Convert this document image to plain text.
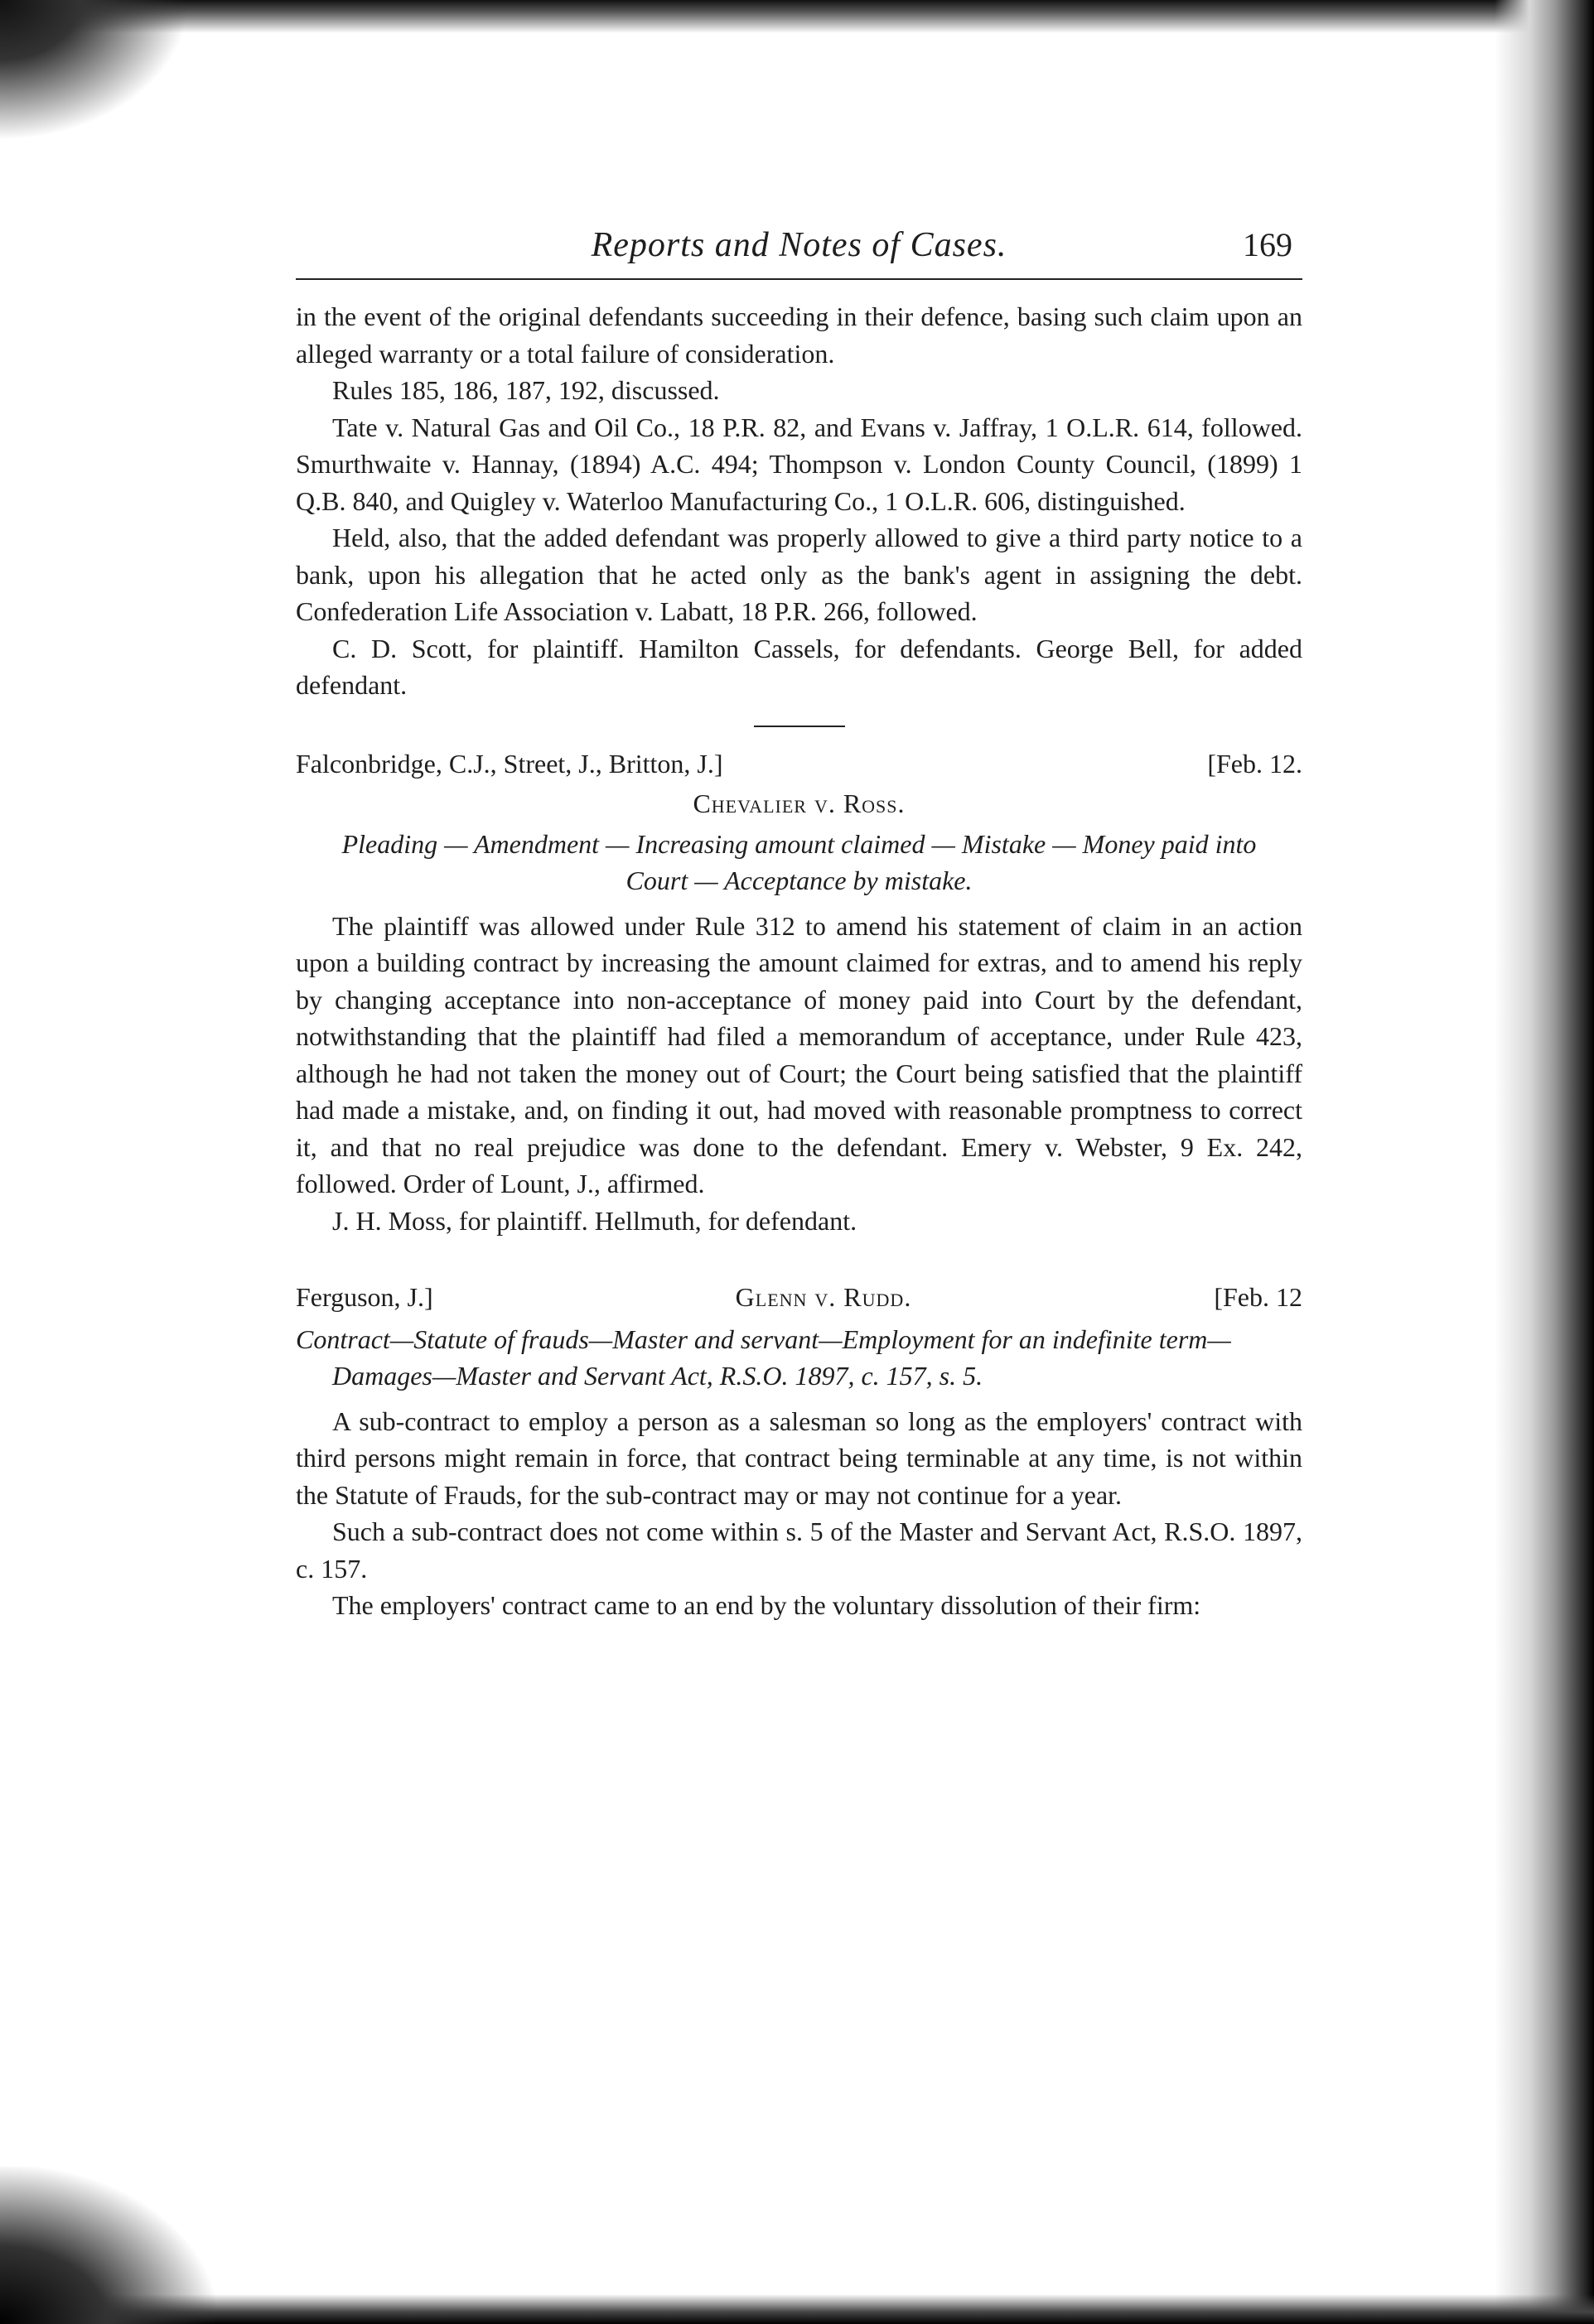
Reports and Notes of Cases.	169

in the event of the original defendants succeeding in their defence, basing such claim upon an alleged warranty or a total failure of consideration.

Rules 185, 186, 187, 192, discussed.

Tate v. Natural Gas and Oil Co., 18 P.R. 82, and Evans v. Jaffray, 1 O.L.R. 614, followed. Smurthwaite v. Hannay, (1894) A.C. 494; Thompson v. London County Council, (1899) 1 Q.B. 840, and Quigley v. Waterloo Manufacturing Co., 1 O.L.R. 606, distinguished.

Held, also, that the added defendant was properly allowed to give a third party notice to a bank, upon his allegation that he acted only as the bank's agent in assigning the debt. Confederation Life Association v. Labatt, 18 P.R. 266, followed.

C. D. Scott, for plaintiff. Hamilton Cassels, for defendants. George Bell, for added defendant.

Falconbridge, C.J., Street, J., Britton, J.]	[Feb. 12.
Chevalier v. Ross.
Pleading — Amendment — Increasing amount claimed — Mistake — Money paid into Court — Acceptance by mistake.

The plaintiff was allowed under Rule 312 to amend his statement of claim in an action upon a building contract by increasing the amount claimed for extras, and to amend his reply by changing acceptance into non-acceptance of money paid into Court by the defendant, notwithstanding that the plaintiff had filed a memorandum of acceptance, under Rule 423, although he had not taken the money out of Court; the Court being satisfied that the plaintiff had made a mistake, and, on finding it out, had moved with reasonable promptness to correct it, and that no real prejudice was done to the defendant. Emery v. Webster, 9 Ex. 242, followed. Order of Lount, J., affirmed.

J. H. Moss, for plaintiff. Hellmuth, for defendant.

Ferguson, J.]	Glenn v. Rudd.	[Feb. 12
Contract—Statute of frauds—Master and servant—Employment for an indefinite term—Damages—Master and Servant Act, R.S.O. 1897, c. 157, s. 5.

A sub-contract to employ a person as a salesman so long as the employers' contract with third persons might remain in force, that contract being terminable at any time, is not within the Statute of Frauds, for the sub-contract may or may not continue for a year.

Such a sub-contract does not come within s. 5 of the Master and Servant Act, R.S.O. 1897, c. 157.

The employers' contract came to an end by the voluntary dissolution of their firm:
